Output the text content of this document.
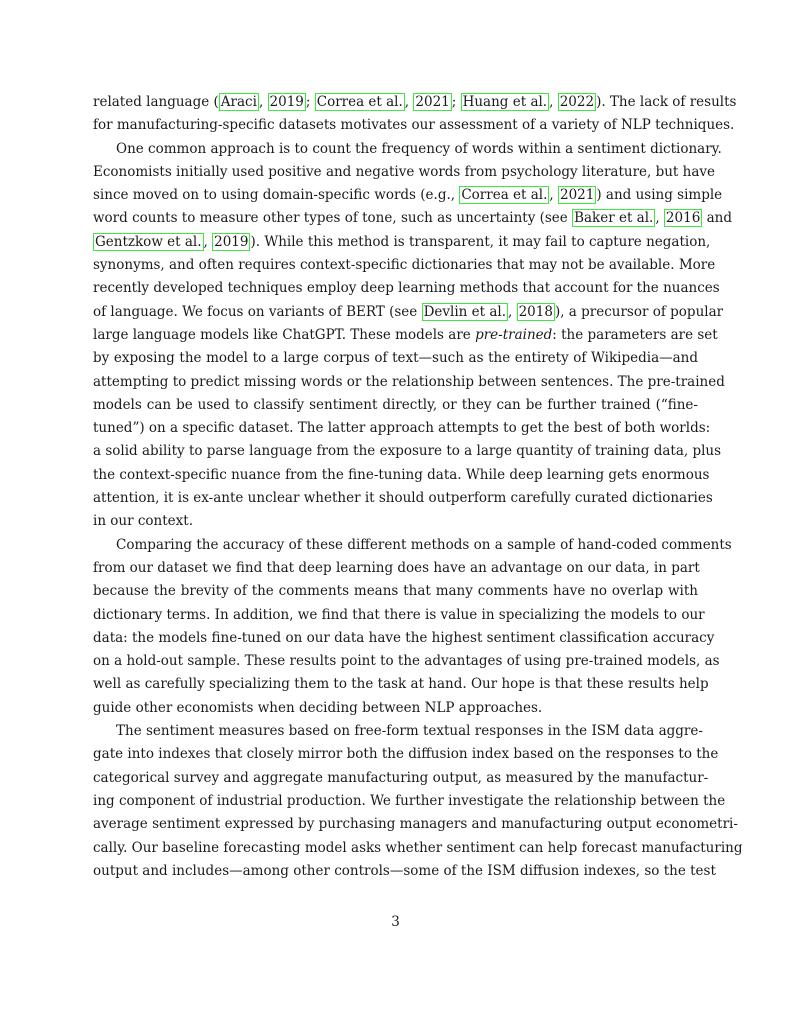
related language ( Araci , 2019 ; Correa et al. , 2021 ; Huang et al. , 2022 ). The lack of results
for manufacturing-specific datasets motivates our assessment of a variety of NLP techniques.
One common approach is to count the frequency of words within a sentiment dictionary.
Economists initially used positive and negative words from psychology literature, but have
since moved on to using domain-specific words (e.g., Correa et al. , 2021 ) and using simple
word counts to measure other types of tone, such as uncertainty (see Baker et al. , 2016 and
Gentzkow et al. , 2019 ). While this method is transparent, it may fail to capture negation,
synonyms, and often requires context-specific dictionaries that may not be available. More
recently developed techniques employ deep learning methods that account for the nuances
of language. We focus on variants of BERT (see Devlin et al. , 2018 ), a precursor of popular
large language models like ChatGPT. These models are pre-trained: the parameters are set
by exposing the model to a large corpus of text—such as the entirety of Wikipedia—and
attempting to predict missing words or the relationship between sentences. The pre-trained
models can be used to classify sentiment directly, or they can be further trained (“fine-
tuned”) on a specific dataset. The latter approach attempts to get the best of both worlds:
a solid ability to parse language from the exposure to a large quantity of training data, plus
the context-specific nuance from the fine-tuning data. While deep learning gets enormous
attention, it is ex-ante unclear whether it should outperform carefully curated dictionaries
in our context.
Comparing the accuracy of these different methods on a sample of hand-coded comments
from our dataset we find that deep learning does have an advantage on our data, in part
because the brevity of the comments means that many comments have no overlap with
dictionary terms. In addition, we find that there is value in specializing the models to our
data: the models fine-tuned on our data have the highest sentiment classification accuracy
on a hold-out sample. These results point to the advantages of using pre-trained models, as
well as carefully specializing them to the task at hand. Our hope is that these results help
guide other economists when deciding between NLP approaches.
The sentiment measures based on free-form textual responses in the ISM data aggre-
gate into indexes that closely mirror both the diffusion index based on the responses to the
categorical survey and aggregate manufacturing output, as measured by the manufactur-
ing component of industrial production. We further investigate the relationship between the
average sentiment expressed by purchasing managers and manufacturing output econometri-
cally. Our baseline forecasting model asks whether sentiment can help forecast manufacturing
output and includes—among other controls—some of the ISM diffusion indexes, so the test
3
